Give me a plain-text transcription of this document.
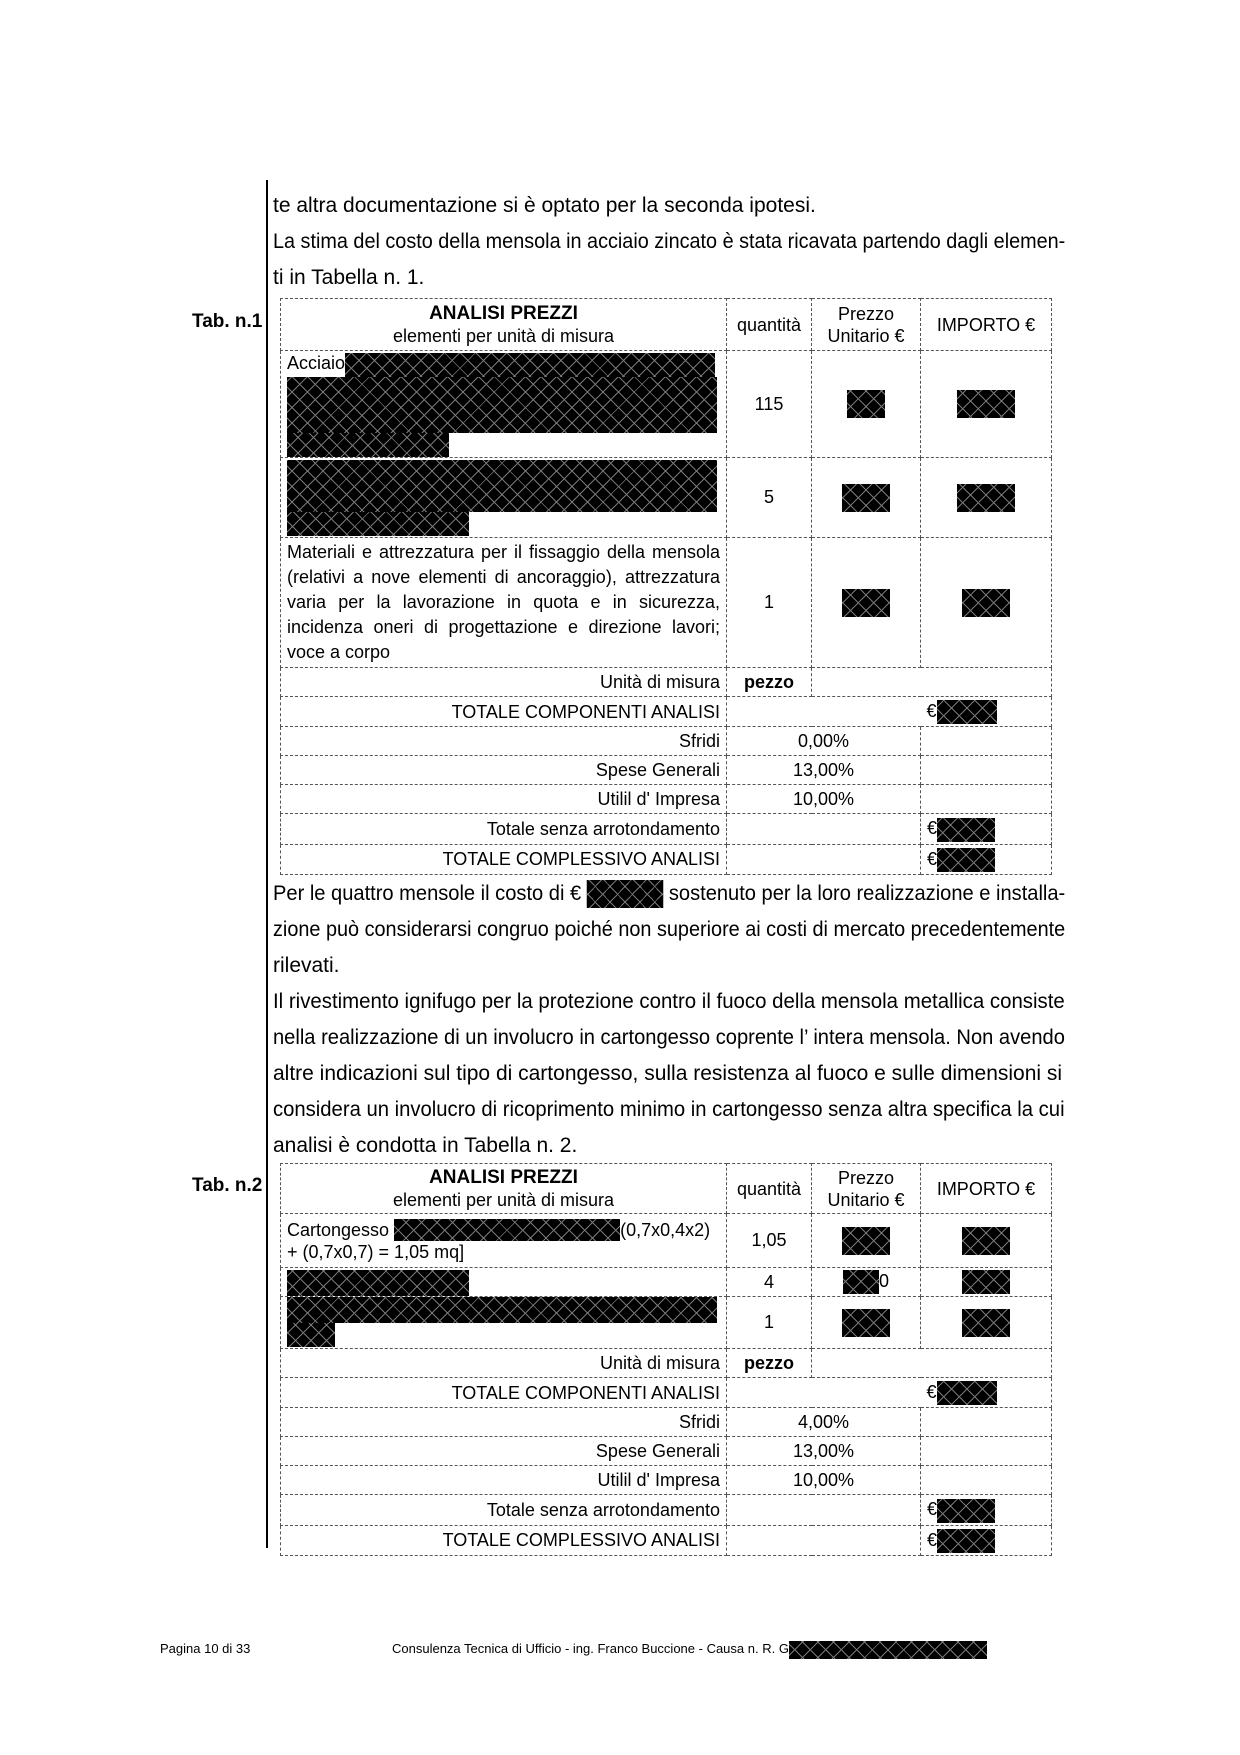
te altra documentazione si è optato per la seconda ipotesi.
La stima del costo della mensola in acciaio zincato è stata ricavata partendo dagli elemen-
ti in Tabella n. 1.
Tab. n.1	ANALISI PREZZI
elementi per unità di misura	quantità	Prezzo Unitario €	IMPORTO €
Acciaio	115		

	5		
Materiali e attrezzatura per il fissaggio della mensola (relativi a nove elementi di ancoraggio), attrezzatura varia per la lavorazione in quota e in sicurezza, incidenza oneri di progettazione e direzione lavori; voce a corpo	1		
Unità di misura	pezzo		
TOTALE COMPONENTI ANALISI			€
Sfridi	0,00%		
Spese Generali	13,00%		
Utilil d' Impresa	10,00%		
Totale senza arrotondamento			€
TOTALE COMPLESSIVO ANALISI			€
Per le quattro mensole il costo di €	sostenuto per la loro realizzazione e installa-
zione può considerarsi congruo poiché non superiore ai costi di mercato precedentemente
rilevati.
Il rivestimento ignifugo per la protezione contro il fuoco della mensola metallica consiste
nella realizzazione di un involucro in cartongesso coprente l’ intera mensola. Non avendo
altre indicazioni sul tipo di cartongesso, sulla resistenza al fuoco e sulle dimensioni si
considera un involucro di ricoprimento minimo in cartongesso senza altra specifica la cui
analisi è condotta in Tabella n. 2.
Tab. n.2	ANALISI PREZZI
elementi per unità di misura	quantità	Prezzo Unitario €	IMPORTO €
Cartongesso (0,7x0,4x2)
+ (0,7x0,7) = 1,05 mq]	1,05		

	4	0	

	1		
Unità di misura	pezzo		
TOTALE COMPONENTI ANALISI			€
Sfridi	4,00%		
Spese Generali	13,00%		
Utilil d' Impresa	10,00%		
Totale senza arrotondamento			€
TOTALE COMPLESSIVO ANALISI			€
Pagina 10 di 33	Consulenza Tecnica di Ufficio - ing. Franco Buccione - Causa n. R. G
